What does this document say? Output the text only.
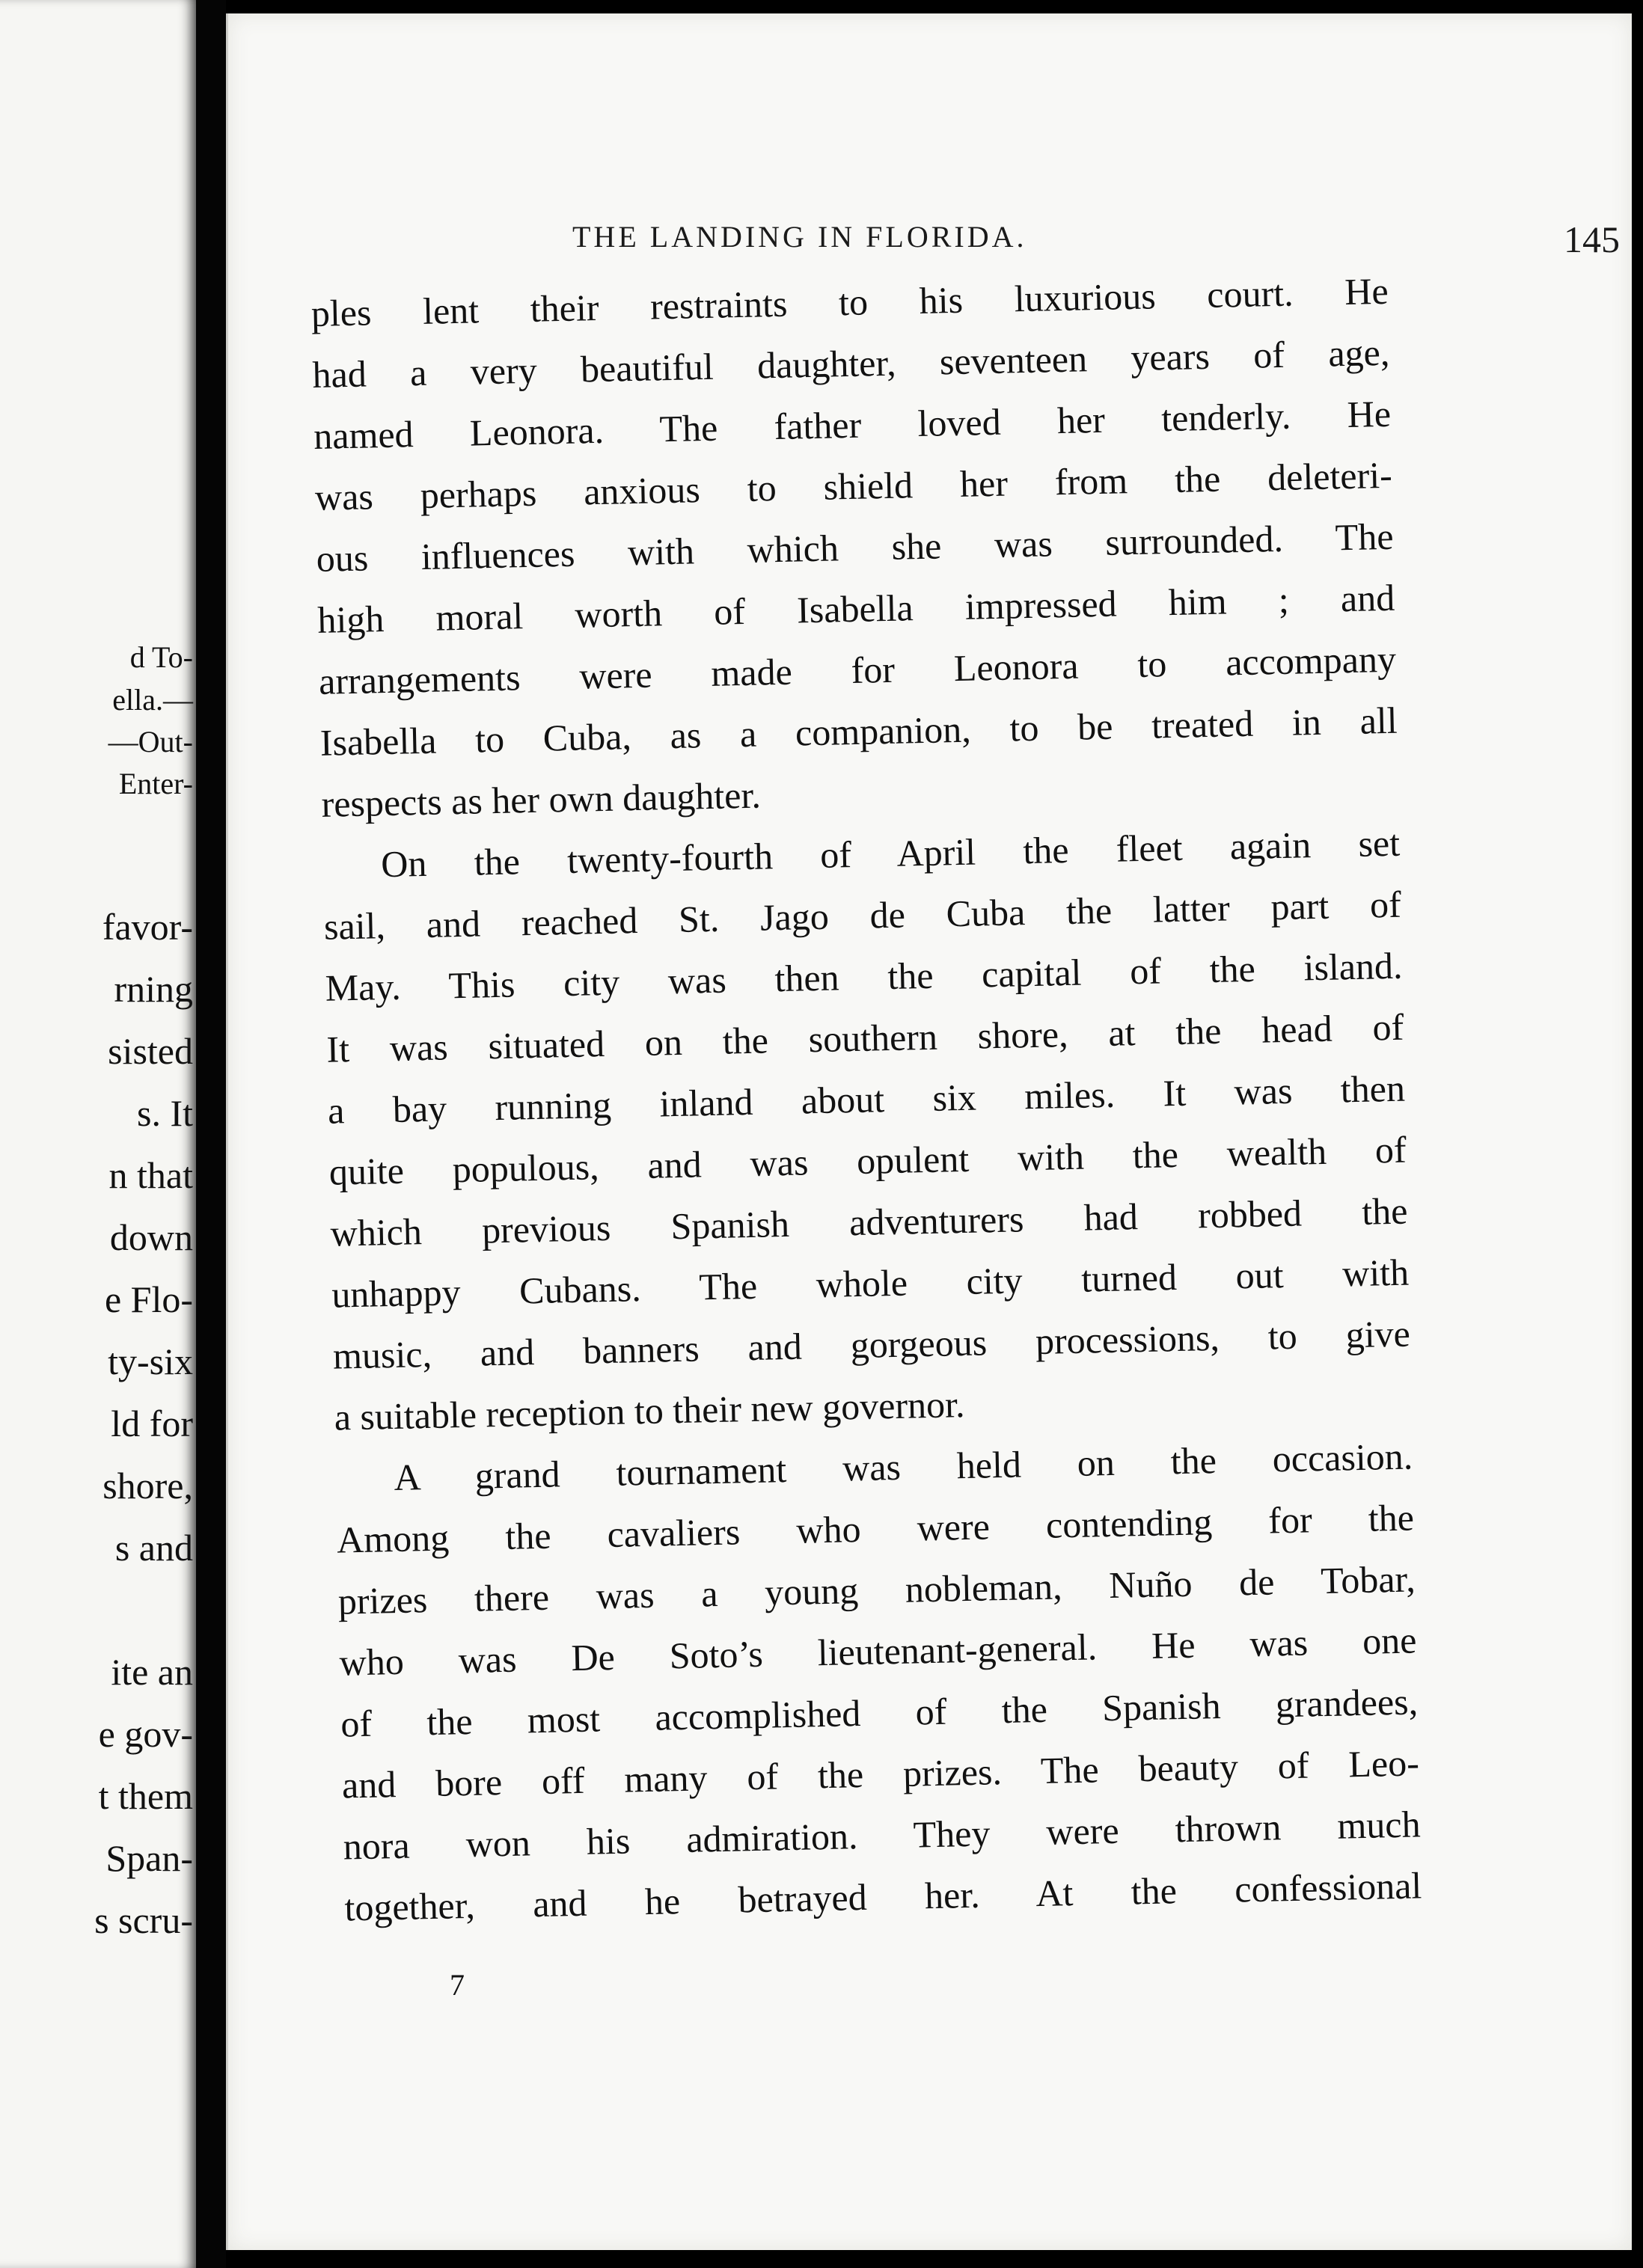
d To-
ella.—
—Out-
Enter-
favor-
rning
sisted
s. It
n that
down
e Flo-
ty-six
ld for
shore,
s and
ite an
e gov-
t them
Span-
s scru-
THE LANDING IN FLORIDA.	145
ples lent their restraints to his luxurious court. He
had a very beautiful daughter, seventeen years of age,
named Leonora. The father loved her tenderly. He
was perhaps anxious to shield her from the deleteri-
ous influences with which she was surrounded. The
high moral worth of Isabella impressed him ; and
arrangements were made for Leonora to accompany
Isabella to Cuba, as a companion, to be treated in all
respects as her own daughter.
On the twenty-fourth of April the fleet again set
sail, and reached St. Jago de Cuba the latter part of
May. This city was then the capital of the island.
It was situated on the southern shore, at the head of
a bay running inland about six miles. It was then
quite populous, and was opulent with the wealth of
which previous Spanish adventurers had robbed the
unhappy Cubans. The whole city turned out with
music, and banners and gorgeous processions, to give
a suitable reception to their new governor.
A grand tournament was held on the occasion.
Among the cavaliers who were contending for the
prizes there was a young nobleman, Nuño de Tobar,
who was De Soto’s lieutenant-general. He was one
of the most accomplished of the Spanish grandees,
and bore off many of the prizes. The beauty of Leo-
nora won his admiration. They were thrown much
together, and he betrayed her. At the confessional
7
